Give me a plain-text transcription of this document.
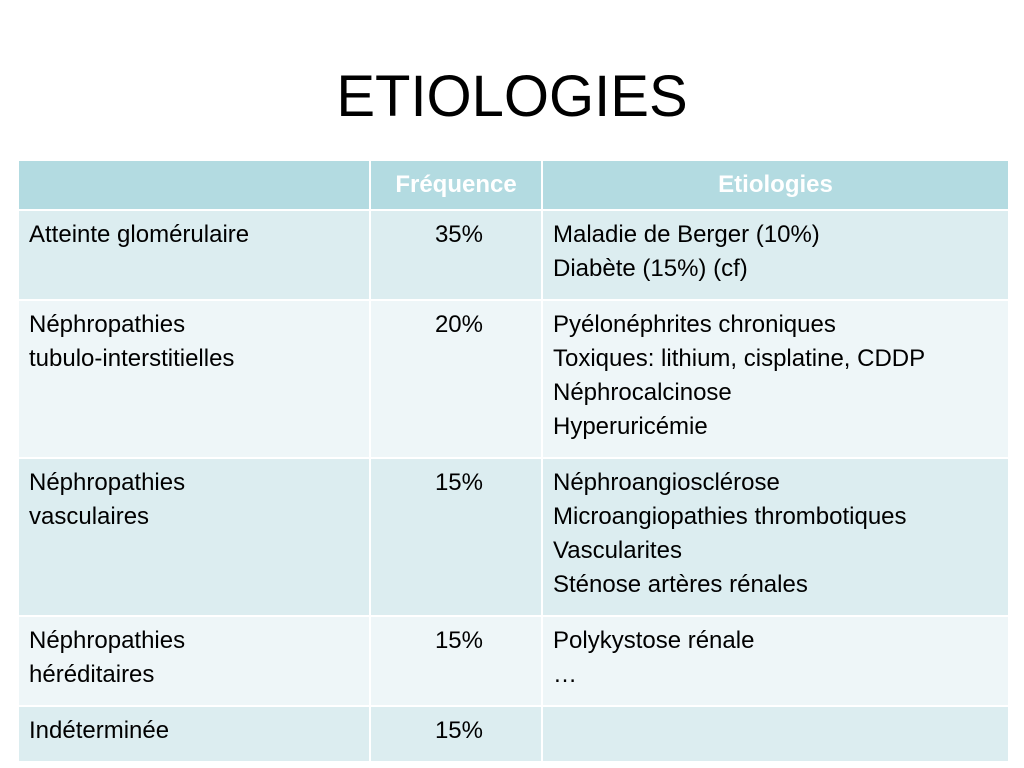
ETIOLOGIES
	Fréquence	Etiologies

Atteinte glomérulaire	35%	Maladie de Berger (10%)
Diabète (15%) (cf)

Néphropathies
tubulo-interstitielles	20%	Pyélonéphrites chroniques
Toxiques: lithium, cisplatine, CDDP
Néphrocalcinose
Hyperuricémie

Néphropathies
vasculaires	15%	Néphroangiosclérose
Microangiopathies thrombotiques
Vascularites
Sténose artères rénales

Néphropathies
héréditaires	15%	Polykystose rénale
…

Indéterminée	15%	
